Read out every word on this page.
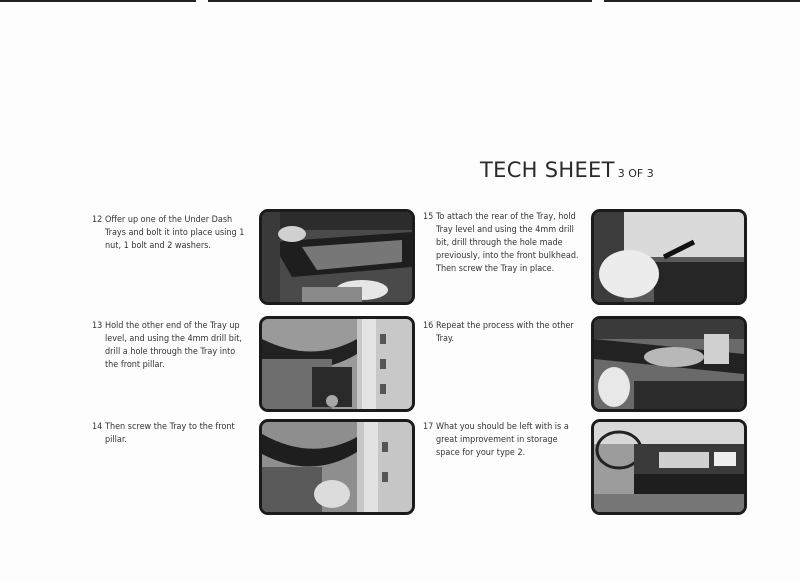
TECH SHEET 3 OF 3
12 Offer up one of the Under Dash Trays and bolt it into place using 1 nut, 1 bolt and 2 washers.
13 Hold the other end of the Tray up level, and using the 4mm drill bit, drill a hole through the Tray into the front pillar.
14 Then screw the Tray to the front pillar.
15 To attach the rear of the Tray, hold Tray level and using the 4mm drill bit, drill through the hole made previously, into the front bulkhead. Then screw the Tray in place.
16 Repeat the process with the other Tray.
17 What you should be left with is a great improvement in storage space for your type 2.
